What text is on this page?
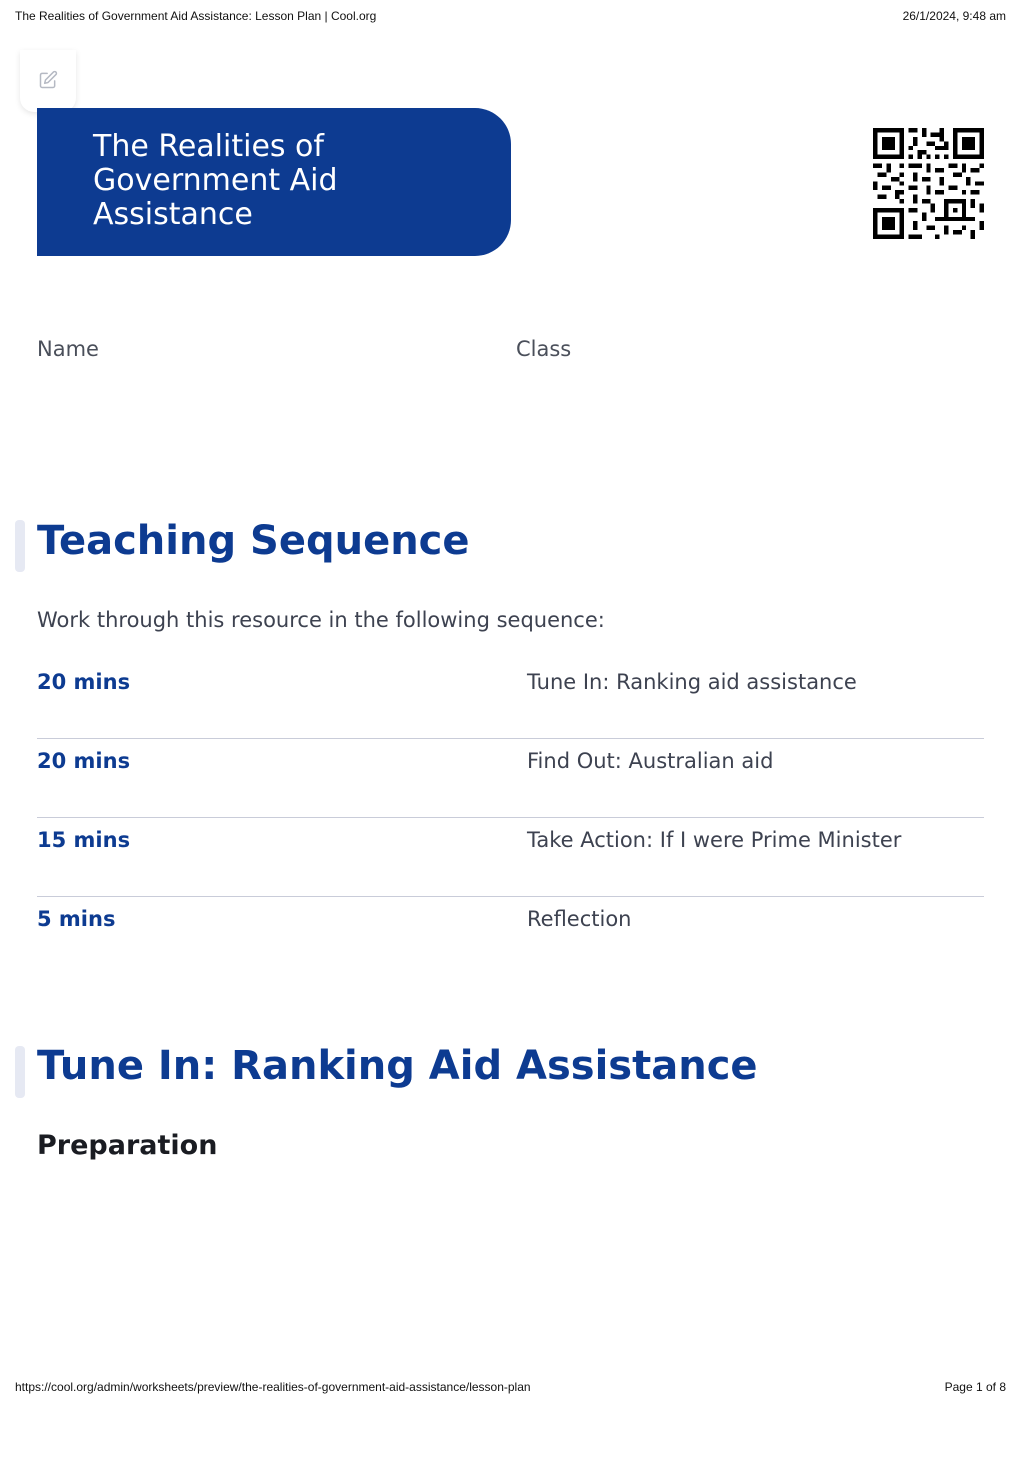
The Realities of Government Aid Assistance: Lesson Plan | Cool.org	26/1/2024, 9:48 am
The Realities of Government Aid Assistance
Name	Class
Teaching Sequence

Work through this resource in the following sequence:

20 mins	Tune In: Ranking aid assistance
20 mins	Find Out: Australian aid
15 mins	Take Action: If I were Prime Minister
5 mins	Reflection
Tune In: Ranking Aid Assistance
Preparation
https://cool.org/admin/worksheets/preview/the-realities-of-government-aid-assistance/lesson-plan	Page 1 of 8
